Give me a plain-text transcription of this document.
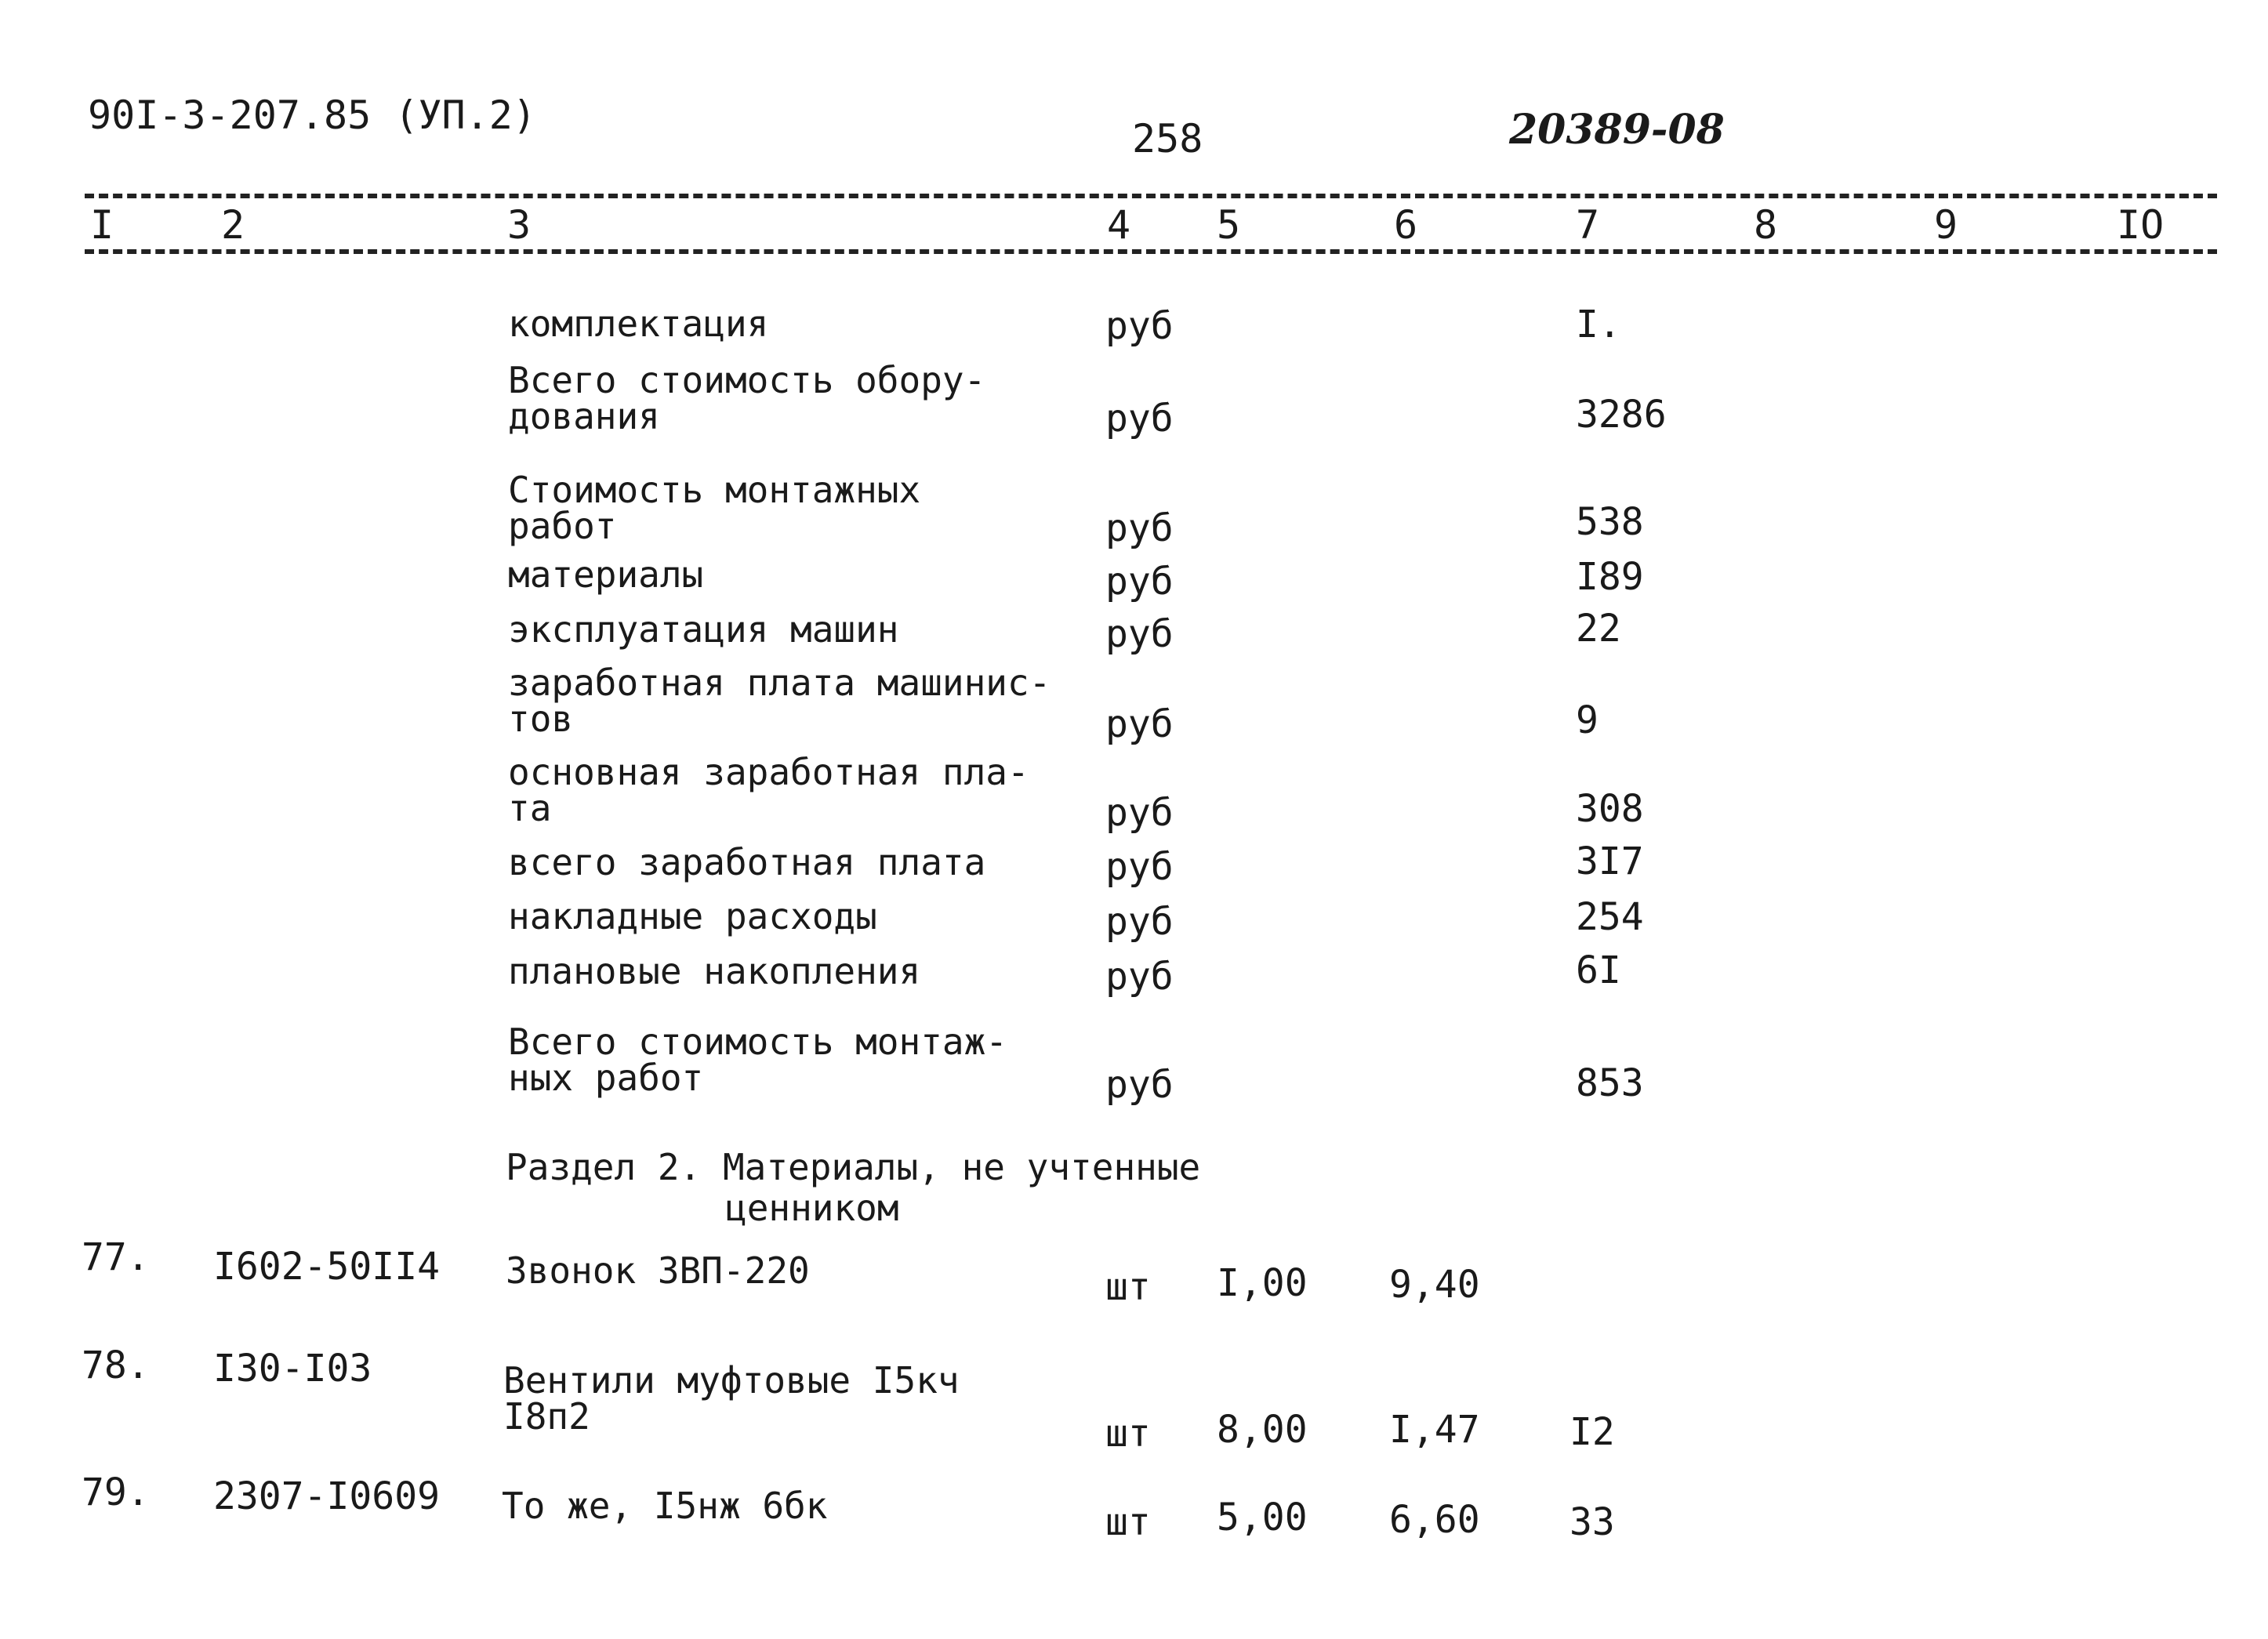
90I-3-207.85 (УП.2)
258	20389-08
I	2	3	4 5	6	7	8	9	IO
комплектация	руб	I.
Всего стоимость обору-
дования	руб	3286
Стоимость монтажных
работ	руб	538
материалы	руб	I89
эксплуатация машин	руб	22
заработная плата машинис-
тов	руб	9
основная заработная пла-
та	руб	308
всего заработная плата	руб	3I7
накладные расходы	руб	254
плановые накопления	руб	6I
Всего стоимость монтаж-
ных работ	руб	853
Раздел 2. Материалы, не учтенные
ценником
77. I602-50II4 Звонок ЗВП-220	шт I,00 9,40
78. I30-I03	Вентили муфтовые I5кч
I8п2	шт 8,00 I,47 I2
79. 2307-I0609 То же, I5нж 6бк	шт 5,00 6,60 33
